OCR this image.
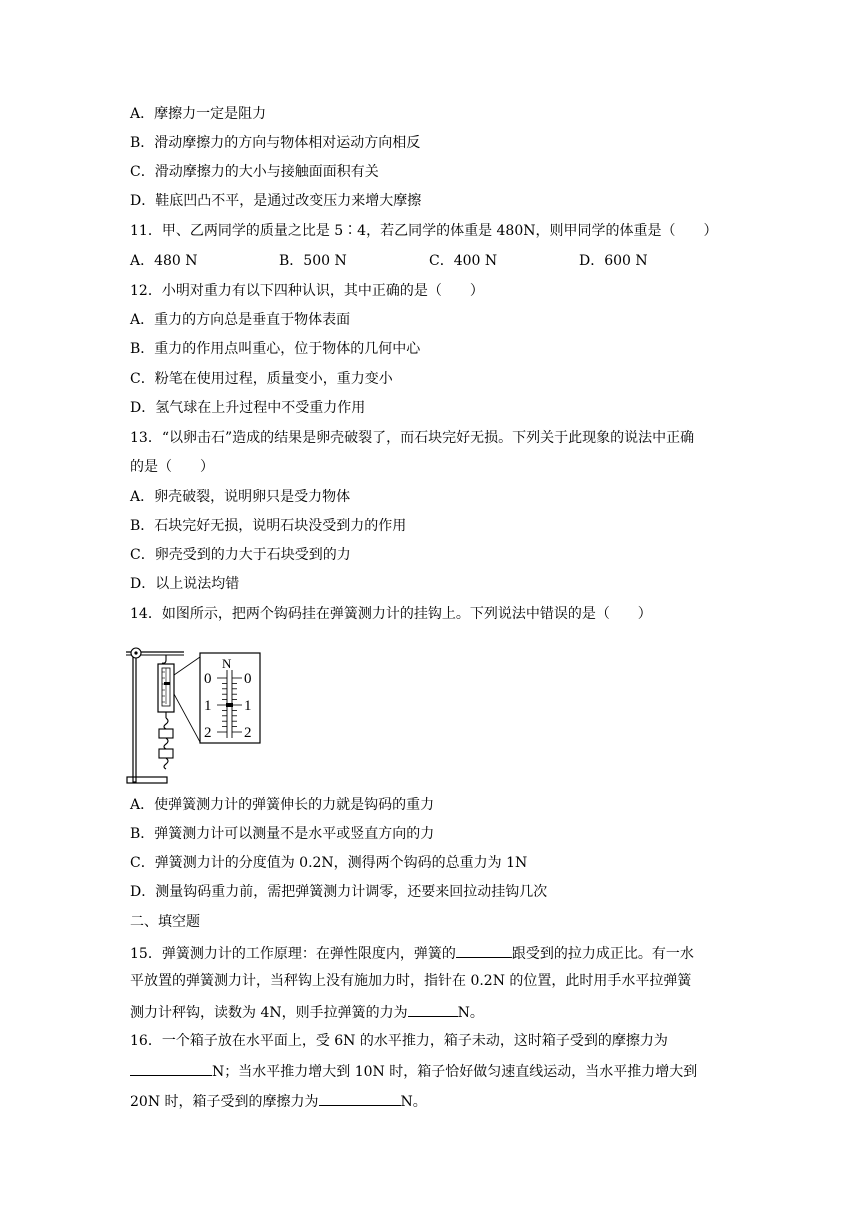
A．摩擦力一定是阻力
B．滑动摩擦力的方向与物体相对运动方向相反
C．滑动摩擦力的大小与接触面面积有关
D．鞋底凹凸不平，是通过改变压力来增大摩擦
11．甲、乙两同学的质量之比是 5∶4，若乙同学的体重是 480N，则甲同学的体重是（　　）
A．480 N	B．500 N	C．400 N	D．600 N
12．小明对重力有以下四种认识，其中正确的是（　　）
A．重力的方向总是垂直于物体表面
B．重力的作用点叫重心，位于物体的几何中心
C．粉笔在使用过程，质量变小，重力变小
D．氢气球在上升过程中不受重力作用
13．“以卵击石”造成的结果是卵壳破裂了，而石块完好无损。下列关于此现象的说法中正确
的是（　　）
A．卵壳破裂，说明卵只是受力物体
B．石块完好无损，说明石块没受到力的作用
C．卵壳受到的力大于石块受到的力
D．以上说法均错
14．如图所示，把两个钩码挂在弹簧测力计的挂钩上。下列说法中错误的是（　　）
N
0
1
2
0
1
2
A．使弹簧测力计的弹簧伸长的力就是钩码的重力
B．弹簧测力计可以测量不是水平或竖直方向的力
C．弹簧测力计的分度值为 0.2N，测得两个钩码的总重力为 1N
D．测量钩码重力前，需把弹簧测力计调零，还要来回拉动挂钩几次
二、填空题
15．弹簧测力计的工作原理：在弹性限度内，弹簧的	跟受到的拉力成正比。有一水
平放置的弹簧测力计，当秤钩上没有施加力时，指针在 0.2N 的位置，此时用手水平拉弹簧
测力计秤钩，读数为 4N，则手拉弹簧的力为	N。
16．一个箱子放在水平面上，受 6N 的水平推力，箱子未动，这时箱子受到的摩擦力为
N；当水平推力增大到 10N 时，箱子恰好做匀速直线运动，当水平推力增大到
20N 时，箱子受到的摩擦力为	N。
